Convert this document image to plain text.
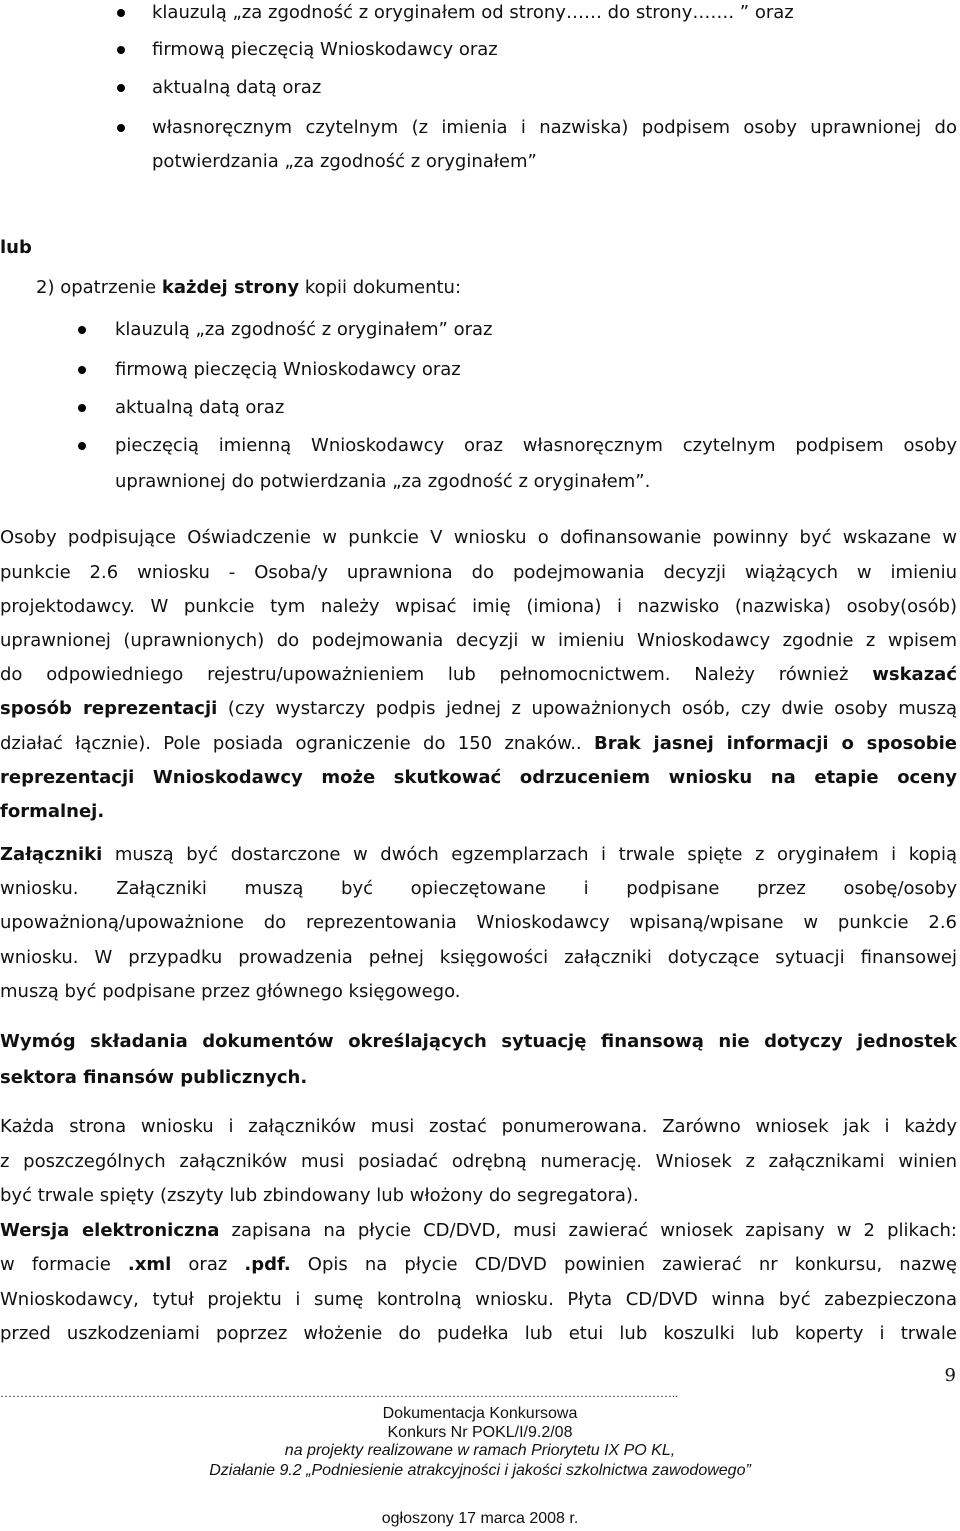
klauzulą „za zgodność z oryginałem od strony…… do strony……. ” oraz
firmową pieczęcią Wnioskodawcy oraz
aktualną datą oraz
własnoręcznym czytelnym (z imienia i nazwiska) podpisem osoby uprawnionej do
potwierdzania „za zgodność z oryginałem”
lub
2) opatrzenie każdej strony kopii dokumentu:
klauzulą „za zgodność z oryginałem” oraz
firmową pieczęcią Wnioskodawcy oraz
aktualną datą oraz
pieczęcią imienną Wnioskodawcy oraz własnoręcznym czytelnym podpisem osoby
uprawnionej do potwierdzania „za zgodność z oryginałem”.
Osoby podpisujące Oświadczenie w punkcie V wniosku o dofinansowanie powinny być wskazane w
punkcie 2.6 wniosku - Osoba/y uprawniona do podejmowania decyzji wiążących w imieniu
projektodawcy. W punkcie tym należy wpisać imię (imiona) i nazwisko (nazwiska) osoby(osób)
uprawnionej (uprawnionych) do podejmowania decyzji w imieniu Wnioskodawcy zgodnie z wpisem
do odpowiedniego rejestru/upoważnieniem lub pełnomocnictwem. Należy również wskazać
sposób reprezentacji (czy wystarczy podpis jednej z upoważnionych osób, czy dwie osoby muszą
działać łącznie). Pole posiada ograniczenie do 150 znaków.. Brak jasnej informacji o sposobie
reprezentacji Wnioskodawcy może skutkować odrzuceniem wniosku na etapie oceny
formalnej.
Załączniki muszą być dostarczone w dwóch egzemplarzach i trwale spięte z oryginałem i kopią
wniosku. Załączniki muszą być opieczętowane i podpisane przez osobę/osoby
upoważnioną/upoważnione do reprezentowania Wnioskodawcy wpisaną/wpisane w punkcie 2.6
wniosku. W przypadku prowadzenia pełnej księgowości załączniki dotyczące sytuacji finansowej
muszą być podpisane przez głównego księgowego.
Wymóg składania dokumentów określających sytuację finansową nie dotyczy jednostek
sektora finansów publicznych.
Każda strona wniosku i załączników musi zostać ponumerowana. Zarówno wniosek jak i każdy
z poszczególnych załączników musi posiadać odrębną numerację. Wniosek z załącznikami winien
być trwale spięty (zszyty lub zbindowany lub włożony do segregatora).
Wersja elektroniczna zapisana na płycie CD/DVD, musi zawierać wniosek zapisany w 2 plikach:
w formacie .xml oraz .pdf. Opis na płycie CD/DVD powinien zawierać nr konkursu, nazwę
Wnioskodawcy, tytuł projektu i sumę kontrolną wniosku. Płyta CD/DVD winna być zabezpieczona
przed uszkodzeniami poprzez włożenie do pudełka lub etui lub koszulki lub koperty i trwale
9
……………………………………………………………………………………………………………………………………………………..
Dokumentacja Konkursowa
Konkurs Nr POKL/I/9.2/08
na projekty realizowane w ramach Priorytetu IX PO KL,
Działanie 9.2 „Podniesienie atrakcyjności i jakości szkolnictwa zawodowego”
ogłoszony 17 marca 2008 r.
